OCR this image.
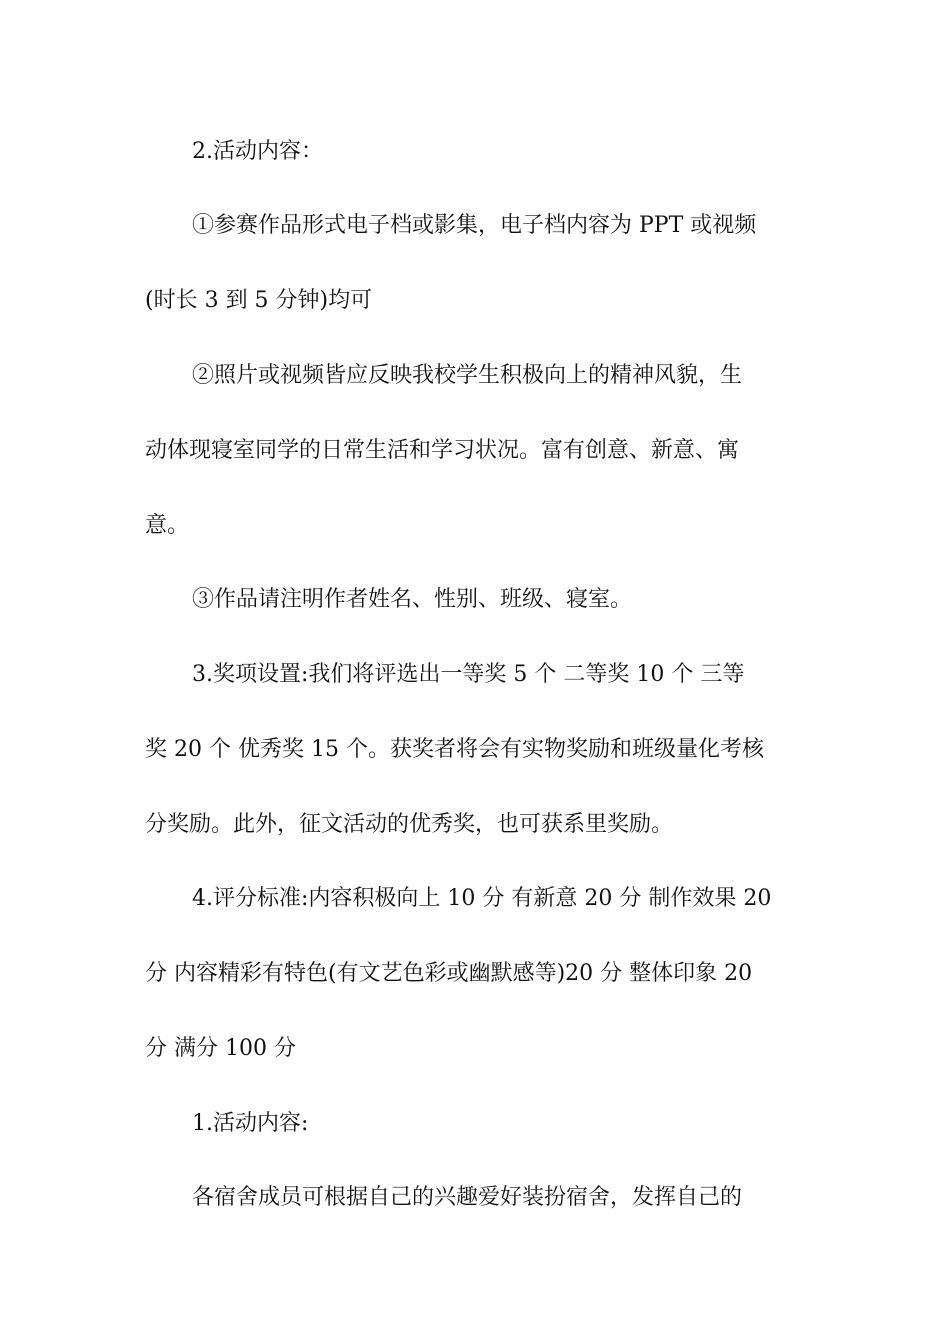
2.活动内容：
①参赛作品形式电子档或影集，电子档内容为 PPT 或视频
(时长 3 到 5 分钟)均可
②照片或视频皆应反映我校学生积极向上的精神风貌，生
动体现寝室同学的日常生活和学习状况。富有创意、新意、寓
意。
③作品请注明作者姓名、性别、班级、寝室。
3.奖项设置:我们将评选出一等奖 5 个 二等奖 10 个 三等
奖 20 个 优秀奖 15 个。获奖者将会有实物奖励和班级量化考核
分奖励。此外，征文活动的优秀奖，也可获系里奖励。
4.评分标准:内容积极向上 10 分 有新意 20 分 制作效果 20
分 内容精彩有特色(有文艺色彩或幽默感等)20 分 整体印象 20
分 满分 100 分
1.活动内容:
各宿舍成员可根据自己的兴趣爱好装扮宿舍，发挥自己的
